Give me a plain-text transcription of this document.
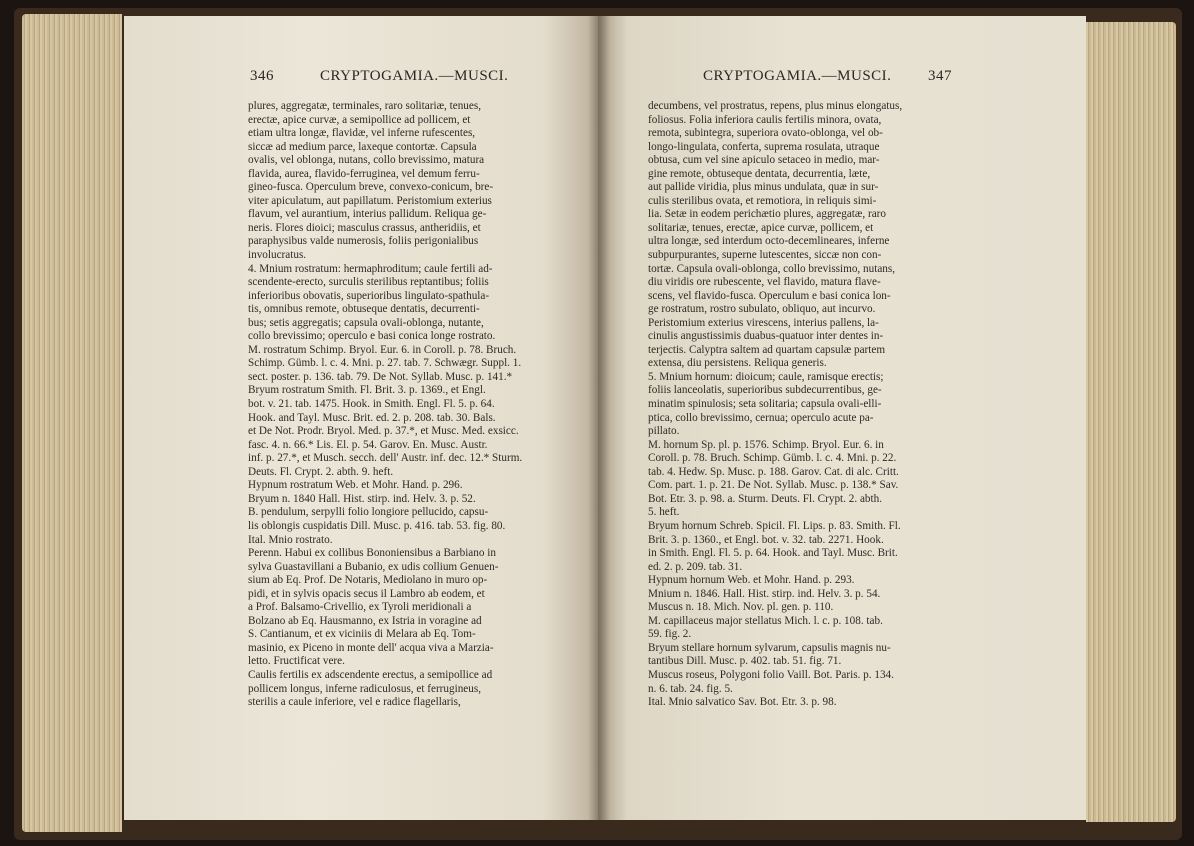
346	CRYPTOGAMIA.—MUSCI.

plures, aggregatæ, terminales, raro solitariæ, tenues,

erectæ, apice curvæ, a semipollice ad pollicem, et

etiam ultra longæ, flavidæ, vel inferne rufescentes,

siccæ ad medium parce, laxeque contortæ. Capsula

ovalis, vel oblonga, nutans, collo brevissimo, matura

flavida, aurea, flavido-ferruginea, vel demum ferru-

gineo-fusca. Operculum breve, convexo-conicum, bre-

viter apiculatum, aut papillatum. Peristomium exterius

flavum, vel aurantium, interius pallidum. Reliqua ge-

neris. Flores dioici; masculus crassus, antheridiis, et

paraphysibus valde numerosis, foliis perigonialibus

involucratus.

4. Mnium rostratum: hermaphroditum; caule fertili ad-

scendente-erecto, surculis sterilibus reptantibus; foliis

inferioribus obovatis, superioribus lingulato-spathula-

tis, omnibus remote, obtuseque dentatis, decurrenti-

bus; setis aggregatis; capsula ovali-oblonga, nutante,

collo brevissimo; operculo e basi conica longe rostrato.

M. rostratum Schimp. Bryol. Eur. 6. in Coroll. p. 78. Bruch.

Schimp. Gümb. l. c. 4. Mni. p. 27. tab. 7. Schwægr. Suppl. 1.

sect. poster. p. 136. tab. 79. De Not. Syllab. Musc. p. 141.*

Bryum rostratum Smith. Fl. Brit. 3. p. 1369., et Engl.

bot. v. 21. tab. 1475. Hook. in Smith. Engl. Fl. 5. p. 64.

Hook. and Tayl. Musc. Brit. ed. 2. p. 208. tab. 30. Bals.

et De Not. Prodr. Bryol. Med. p. 37.*, et Musc. Med. exsicc.

fasc. 4. n. 66.* Lis. El. p. 54. Garov. En. Musc. Austr.

inf. p. 27.*, et Musch. secch. dell' Austr. inf. dec. 12.* Sturm.

Deuts. Fl. Crypt. 2. abth. 9. heft.

Hypnum rostratum Web. et Mohr. Hand. p. 296.

Bryum n. 1840 Hall. Hist. stirp. ind. Helv. 3. p. 52.

B. pendulum, serpylli folio longiore pellucido, capsu-

lis oblongis cuspidatis Dill. Musc. p. 416. tab. 53. fig. 80.

Ital. Mnio rostrato.

Perenn. Habui ex collibus Bononiensibus a Barbiano in

sylva Guastavillani a Bubanio, ex udis collium Genuen-

sium ab Eq. Prof. De Notaris, Mediolano in muro op-

pidi, et in sylvis opacis secus il Lambro ab eodem, et

a Prof. Balsamo-Crivellio, ex Tyroli meridionali a

Bolzano ab Eq. Hausmanno, ex Istria in voragine ad

S. Cantianum, et ex viciniis di Melara ab Eq. Tom-

masinio, ex Piceno in monte dell' acqua viva a Marzia-

letto. Fructificat vere.

Caulis fertilis ex adscendente erectus, a semipollice ad

pollicem longus, inferne radiculosus, et ferrugineus,

sterilis a caule inferiore, vel e radice flagellaris,

CRYPTOGAMIA.—MUSCI. 347

decumbens, vel prostratus, repens, plus minus elongatus,

foliosus. Folia inferiora caulis fertilis minora, ovata,

remota, subintegra, superiora ovato-oblonga, vel ob-

longo-lingulata, conferta, suprema rosulata, utraque

obtusa, cum vel sine apiculo setaceo in medio, mar-

gine remote, obtuseque dentata, decurrentia, læte,

aut pallide viridia, plus minus undulata, quæ in sur-

culis sterilibus ovata, et remotiora, in reliquis simi-

lia. Setæ in eodem perichætio plures, aggregatæ, raro

solitariæ, tenues, erectæ, apice curvæ, pollicem, et

ultra longæ, sed interdum octo-decemlineares, inferne

subpurpurantes, superne lutescentes, siccæ non con-

tortæ. Capsula ovali-oblonga, collo brevissimo, nutans,

diu viridis ore rubescente, vel flavido, matura flave-

scens, vel flavido-fusca. Operculum e basi conica lon-

ge rostratum, rostro subulato, obliquo, aut incurvo.

Peristomium exterius virescens, interius pallens, la-

cinulis angustissimis duabus-quatuor inter dentes in-

terjectis. Calyptra saltem ad quartam capsulæ partem

extensa, diu persistens. Reliqua generis.

5. Mnium hornum: dioicum; caule, ramisque erectis;

foliis lanceolatis, superioribus subdecurrentibus, ge-

minatim spinulosis; seta solitaria; capsula ovali-elli-

ptica, collo brevissimo, cernua; operculo acute pa-

pillato.

M. hornum Sp. pl. p. 1576. Schimp. Bryol. Eur. 6. in

Coroll. p. 78. Bruch. Schimp. Gümb. l. c. 4. Mni. p. 22.

tab. 4. Hedw. Sp. Musc. p. 188. Garov. Cat. di alc. Critt.

Com. part. 1. p. 21. De Not. Syllab. Musc. p. 138.* Sav.

Bot. Etr. 3. p. 98. a. Sturm. Deuts. Fl. Crypt. 2. abth.

5. heft.

Bryum hornum Schreb. Spicil. Fl. Lips. p. 83. Smith. Fl.

Brit. 3. p. 1360., et Engl. bot. v. 32. tab. 2271. Hook.

in Smith. Engl. Fl. 5. p. 64. Hook. and Tayl. Musc. Brit.

ed. 2. p. 209. tab. 31.

Hypnum hornum Web. et Mohr. Hand. p. 293.

Mnium n. 1846. Hall. Hist. stirp. ind. Helv. 3. p. 54.

Muscus n. 18. Mich. Nov. pl. gen. p. 110.

M. capillaceus major stellatus Mich. l. c. p. 108. tab.

59. fig. 2.

Bryum stellare hornum sylvarum, capsulis magnis nu-

tantibus Dill. Musc. p. 402. tab. 51. fig. 71.

Muscus roseus, Polygoni folio Vaill. Bot. Paris. p. 134.

n. 6. tab. 24. fig. 5.

Ital. Mnio salvatico Sav. Bot. Etr. 3. p. 98.
